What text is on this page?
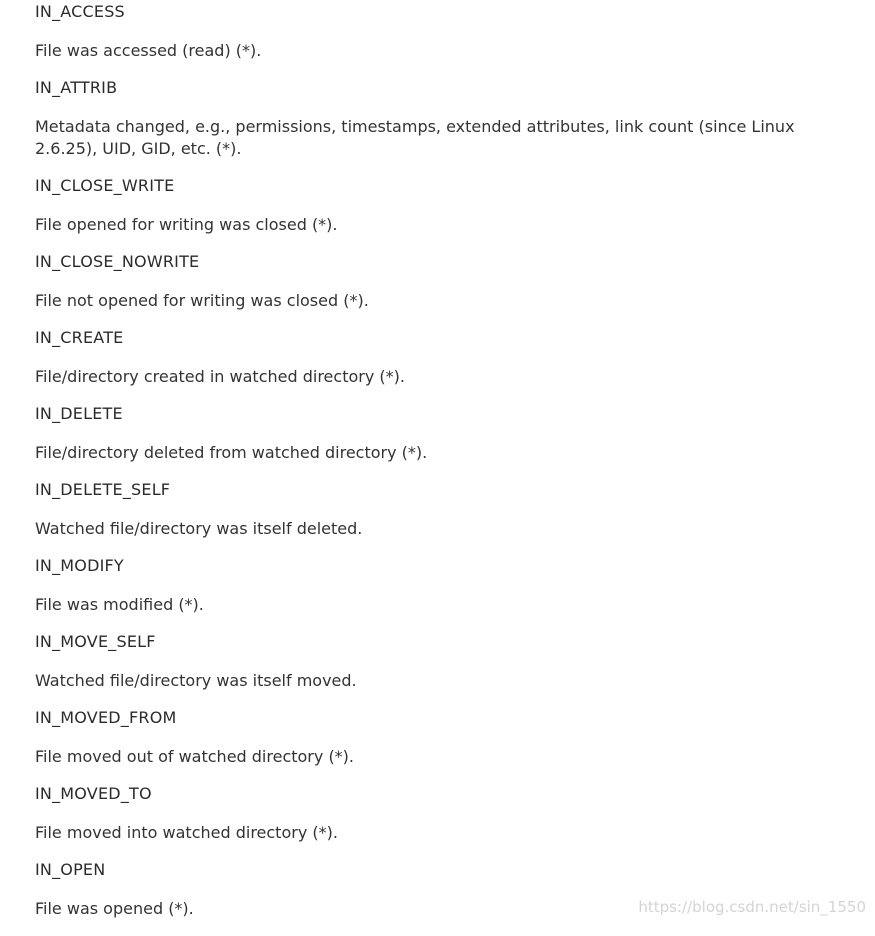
IN_ACCESS
File was accessed (read) (*).
IN_ATTRIB
Metadata changed, e.g., permissions, timestamps, extended attributes, link count (since Linux 2.6.25), UID, GID, etc. (*).
IN_CLOSE_WRITE
File opened for writing was closed (*).
IN_CLOSE_NOWRITE
File not opened for writing was closed (*).
IN_CREATE
File/directory created in watched directory (*).
IN_DELETE
File/directory deleted from watched directory (*).
IN_DELETE_SELF
Watched file/directory was itself deleted.
IN_MODIFY
File was modified (*).
IN_MOVE_SELF
Watched file/directory was itself moved.
IN_MOVED_FROM
File moved out of watched directory (*).
IN_MOVED_TO
File moved into watched directory (*).
IN_OPEN
File was opened (*).	https://blog.csdn.net/sin_1550
